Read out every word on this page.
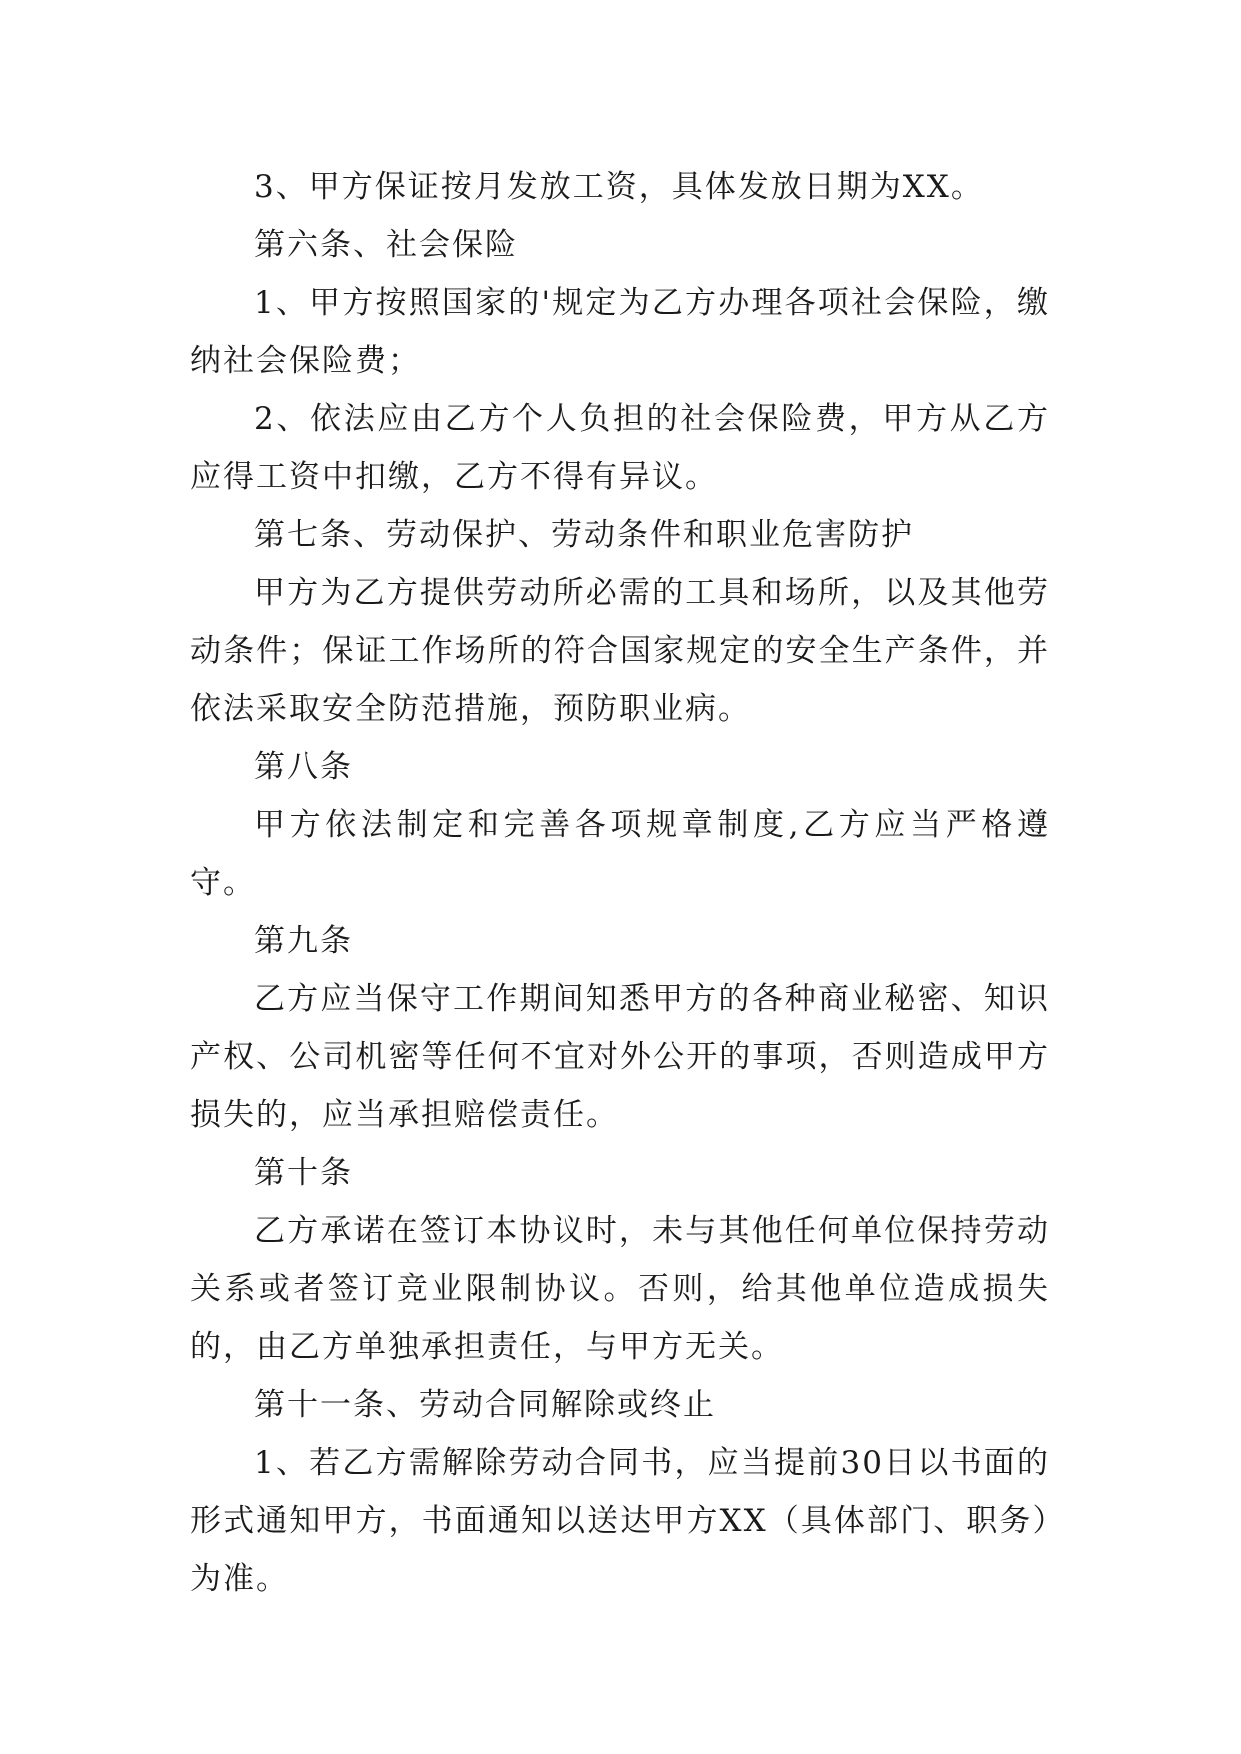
3、甲方保证按月发放工资，具体发放日期为XX。

第六条、社会保险

1、甲方按照国家的'规定为乙方办理各项社会保险，缴纳社会保险费；

2、依法应由乙方个人负担的社会保险费，甲方从乙方应得工资中扣缴，乙方不得有异议。

第七条、劳动保护、劳动条件和职业危害防护

甲方为乙方提供劳动所必需的工具和场所，以及其他劳动条件；保证工作场所的符合国家规定的安全生产条件，并依法采取安全防范措施，预防职业病。

第八条

甲方依法制定和完善各项规章制度,乙方应当严格遵守。

第九条

乙方应当保守工作期间知悉甲方的各种商业秘密、知识产权、公司机密等任何不宜对外公开的事项，否则造成甲方损失的，应当承担赔偿责任。

第十条

乙方承诺在签订本协议时，未与其他任何单位保持劳动关系或者签订竞业限制协议。否则，给其他单位造成损失的，由乙方单独承担责任，与甲方无关。

第十一条、劳动合同解除或终止

1、若乙方需解除劳动合同书，应当提前30日以书面的形式通知甲方，书面通知以送达甲方XX（具体部门、职务）为准。
